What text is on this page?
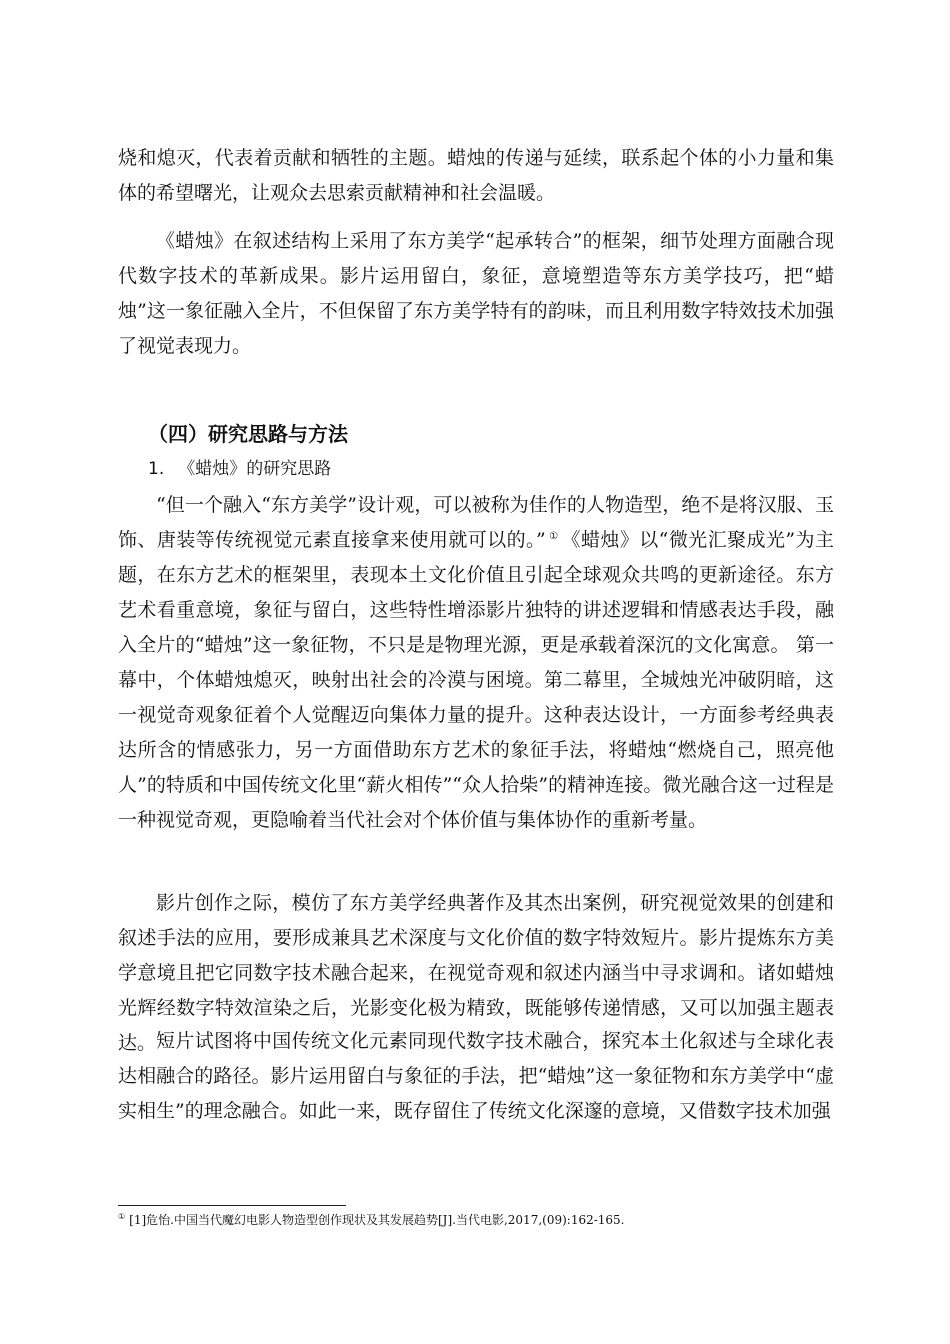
烧和熄灭，代表着贡献和牺牲的主题。蜡烛的传递与延续，联系起个体的小力量和集体的希望曙光，让观众去思索贡献精神和社会温暖。

《蜡烛》在叙述结构上采用了东方美学“起承转合”的框架，细节处理方面融合现代数字技术的革新成果。影片运用留白，象征，意境塑造等东方美学技巧，把“蜡烛”这一象征融入全片，不但保留了东方美学特有的韵味，而且利用数字特效技术加强了视觉表现力。

（四）研究思路与方法
1. 《蜡烛》的研究思路

“但一个融入“东方美学”设计观，可以被称为佳作的人物造型，绝不是将汉服、玉饰、唐装等传统视觉元素直接拿来使用就可以的。” ① 《蜡烛》以“微光汇聚成光”为主题，在东方艺术的框架里，表现本土文化价值且引起全球观众共鸣的更新途径。东方艺术看重意境，象征与留白，这些特性增添影片独特的讲述逻辑和情感表达手段，融入全片的“蜡烛”这一象征物，不只是是物理光源，更是承载着深沉的文化寓意。 第一幕中，个体蜡烛熄灭，映射出社会的冷漠与困境。第二幕里，全城烛光冲破阴暗，这一视觉奇观象征着个人觉醒迈向集体力量的提升。这种表达设计，一方面参考经典表达所含的情感张力，另一方面借助东方艺术的象征手法，将蜡烛“燃烧自己，照亮他人”的特质和中国传统文化里“薪火相传”“众人拾柴”的精神连接。微光融合这一过程是一种视觉奇观，更隐喻着当代社会对个体价值与集体协作的重新考量。

影片创作之际，模仿了东方美学经典著作及其杰出案例，研究视觉效果的创建和叙述手法的应用，要形成兼具艺术深度与文化价值的数字特效短片。影片提炼东方美学意境且把它同数字技术融合起来，在视觉奇观和叙述内涵当中寻求调和。诸如蜡烛光辉经数字特效渲染之后，光影变化极为精致，既能够传递情感，又可以加强主题表达。 短片试图将中国传统文化元素同现代数字技术融合，探究本土化叙述与全球化表达相融合的路径。影片运用留白与象征的手法，把“蜡烛”这一象征物和东方美学中“虚实相生”的理念融合。如此一来，既存留住了传统文化深邃的意境，又借数字技术加强

① [1]危怡.中国当代魔幻电影人物造型创作现状及其发展趋势[J].当代电影,2017,(09):162-165.
